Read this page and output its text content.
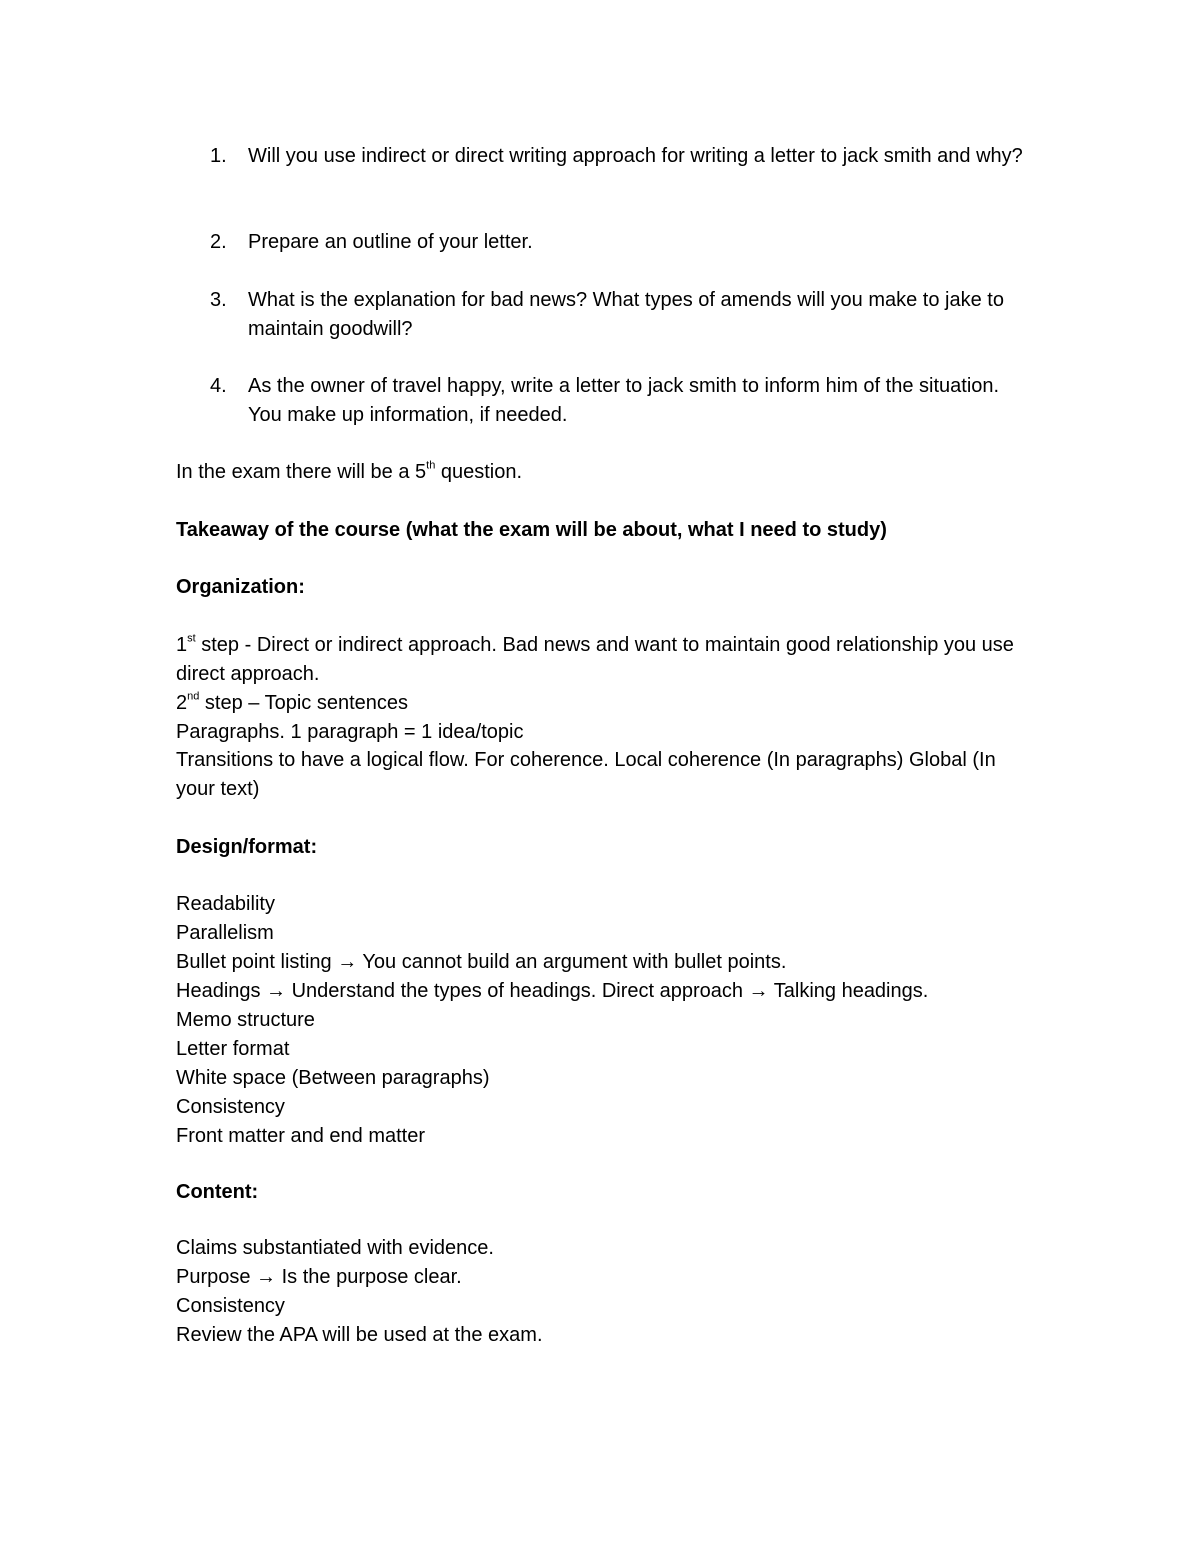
1.	Will you use indirect or direct writing approach for writing a letter to jack smith and why?
2.	Prepare an outline of your letter.
3.	What is the explanation for bad news? What types of amends will you make to jake to maintain goodwill?
4.	As the owner of travel happy, write a letter to jack smith to inform him of the situation. You make up information, if needed.

In the exam there will be a 5th question.

Takeaway of the course (what the exam will be about, what I need to study)

Organization:

1st step - Direct or indirect approach. Bad news and want to maintain good relationship you use direct approach.

2nd step – Topic sentences

Paragraphs. 1 paragraph = 1 idea/topic

Transitions to have a logical flow. For coherence. Local coherence (In paragraphs) Global (In your text)

Design/format:

Readability
Parallelism
Bullet point listing → You cannot build an argument with bullet points.
Headings → Understand the types of headings. Direct approach → Talking headings.
Memo structure
Letter format
White space (Between paragraphs)
Consistency
Front matter and end matter

Content:

Claims substantiated with evidence.
Purpose → Is the purpose clear.
Consistency
Review the APA will be used at the exam.
